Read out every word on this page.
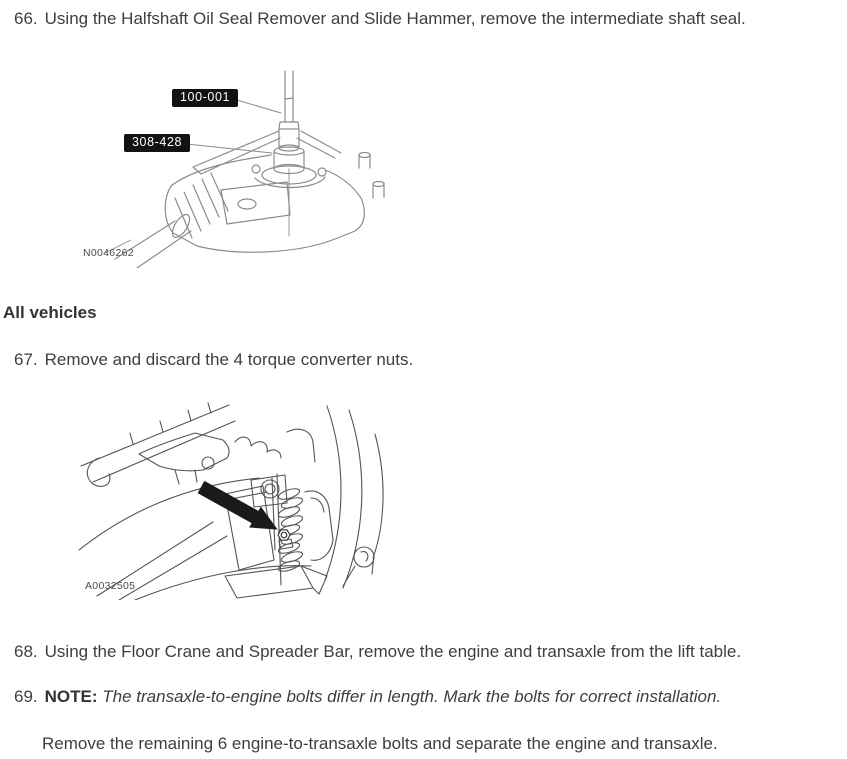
66. Using the Halfshaft Oil Seal Remover and Slide Hammer, remove the intermediate shaft seal.

100-001
308-428
N0046262
All vehicles

67. Remove and discard the 4 torque converter nuts.

A0032505

68. Using the Floor Crane and Spreader Bar, remove the engine and transaxle from the lift table.

69. NOTE: The transaxle-to-engine bolts differ in length. Mark the bolts for correct installation.

Remove the remaining 6 engine-to-transaxle bolts and separate the engine and transaxle.
